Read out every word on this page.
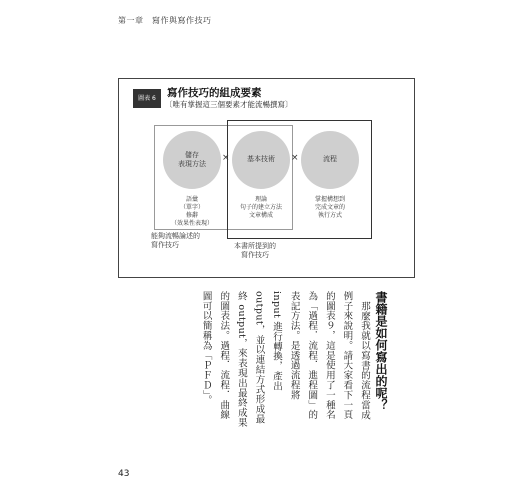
第一章　寫作與寫作技巧
圖表 6	寫作技巧的組成要素
〔唯有掌握這三個要素才能流暢撰寫〕
儲存
表現方法
× 基本技術 ×	流程
語彙
（單字）
修辭
（效果性表現）
理論
句子的建立方法
文章構成
掌握構想到
完成文章的
執行方式
能夠流暢論述的
寫作技巧	本書所提到的
寫作技巧
書籍是如何寫出的呢？

那麼我就以寫書的流程當成例子來說明。請大家看下一頁的圖表９，這是使用了一種名為「過程．流程．進程圖」的表記方法。是透過流程將 input 進行轉換，產出 output，並以連結方式形成最終 output，來表現出最終成果的圖表法。過程．流程．曲線圖可以簡稱為「ＰＦＤ」。

43
